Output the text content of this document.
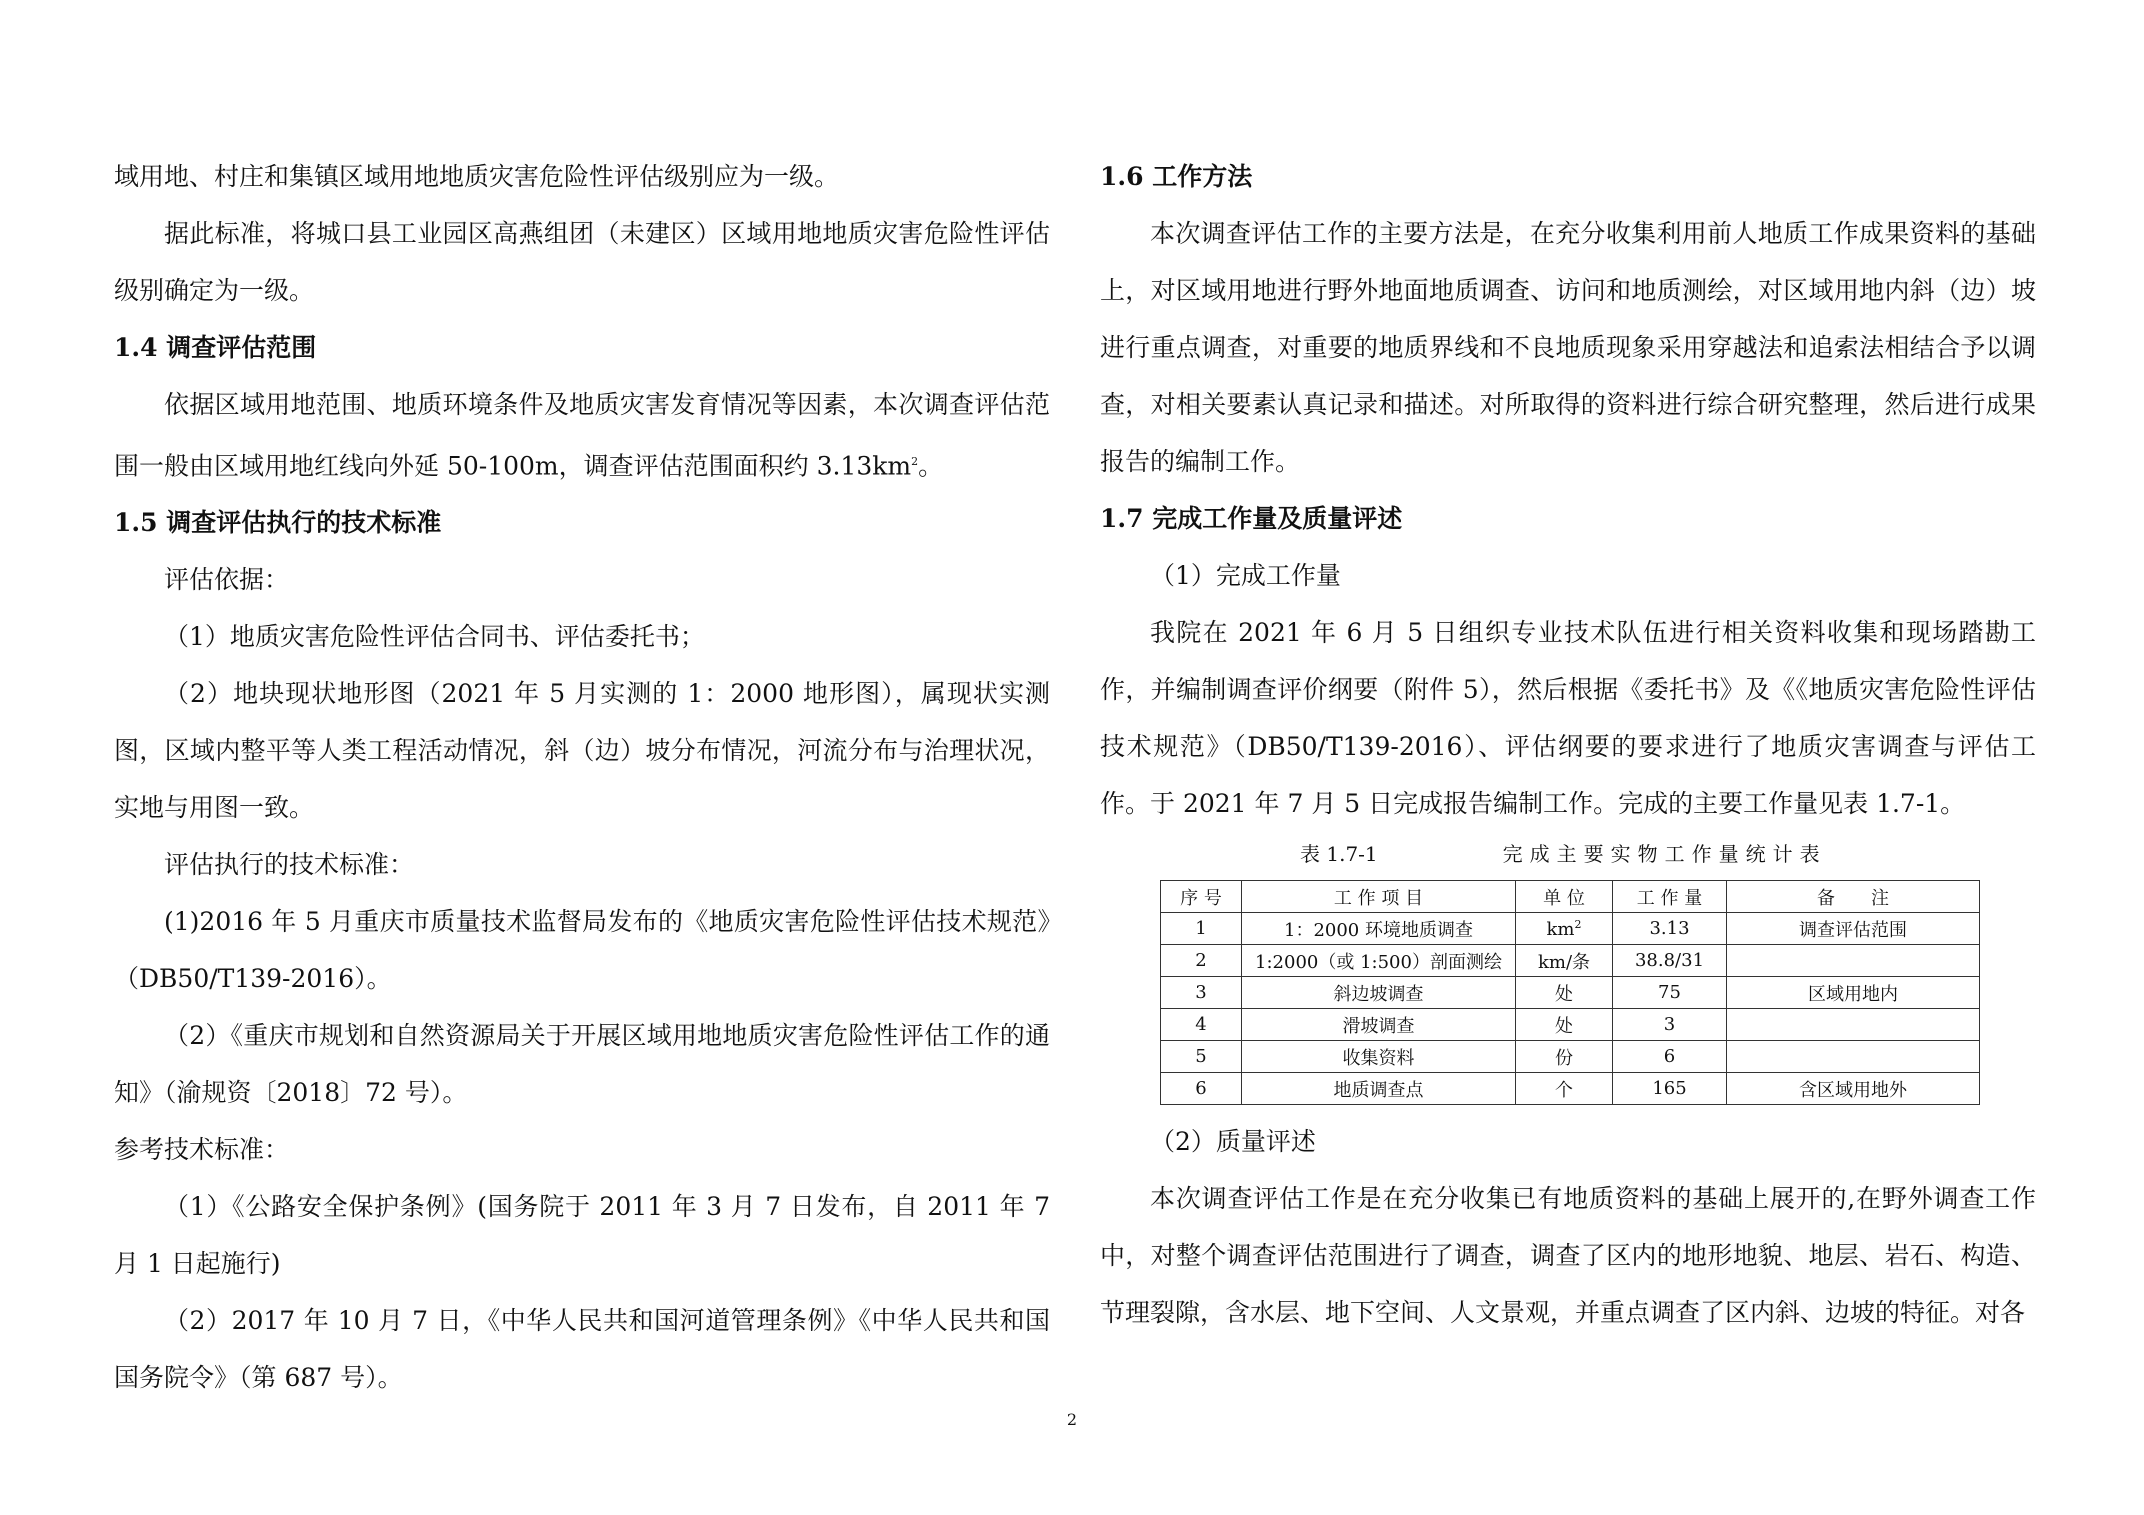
域用地、村庄和集镇区域用地地质灾害危险性评估级别应为一级。

据此标准，将城口县工业园区高燕组团（未建区）区域用地地质灾害危险性评估级别确定为一级。

1.4 调查评估范围

依据区域用地范围、地质环境条件及地质灾害发育情况等因素，本次调查评估范围一般由区域用地红线向外延 50-100m，调查评估范围面积约 $3.13km^2$。

1.5 调查评估执行的技术标准

评估依据：

（1）地质灾害危险性评估合同书、评估委托书；

（2）地块现状地形图（2021 年 5 月实测的 1：2000 地形图），属现状实测图，区域内整平等人类工程活动情况，斜（边）坡分布情况，河流分布与治理状况，实地与用图一致。

评估执行的技术标准：

(1)2016 年 5 月重庆市质量技术监督局发布的《地质灾害危险性评估技术规范》（DB50/T139-2016）。

（2）《重庆市规划和自然资源局关于开展区域用地地质灾害危险性评估工作的通知》（渝规资〔2018〕72 号）。

参考技术标准：

（1）《公路安全保护条例》(国务院于 2011 年 3 月 7 日发布，自 2011 年 7 月 1 日起施行)

（2）2017 年 10 月 7 日，《中华人民共和国河道管理条例》《中华人民共和国国务院令》（第 687 号）。

1.6 工作方法

本次调查评估工作的主要方法是，在充分收集利用前人地质工作成果资料的基础上，对区域用地进行野外地面地质调查、访问和地质测绘，对区域用地内斜（边）坡进行重点调查，对重要的地质界线和不良地质现象采用穿越法和追索法相结合予以调查，对相关要素认真记录和描述。对所取得的资料进行综合研究整理，然后进行成果报告的编制工作。

1.7 完成工作量及质量评述

（1）完成工作量

我院在 2021 年 6 月 5 日组织专业技术队伍进行相关资料收集和现场踏勘工作，并编制调查评价纲要（附件 5），然后根据《委托书》及《《地质灾害危险性评估技术规范》（DB50/T139-2016）、评估纲要的要求进行了地质灾害调查与评估工作。于 2021 年 7 月 5 日完成报告编制工作。完成的主要工作量见表 1.7-1。

表 1.7-1	完成主要实物工作量统计表
序 号	工 作 项 目	单 位	工 作 量	备　　注
1	1：2000 环境地质调查	$km^2$	3.13	调查评估范围
2	1:2000（或 1:500）剖面测绘	km/条	38.8/31	
3	斜边坡调查	处	75	区域用地内
4	滑坡调查	处	3	
5	收集资料	份	6	
6	地质调查点	个	165	含区域用地外

（2）质量评述

本次调查评估工作是在充分收集已有地质资料的基础上展开的,在野外调查工作中，对整个调查评估范围进行了调查，调查了区内的地形地貌、地层、岩石、构造、节理裂隙，含水层、地下空间、人文景观，并重点调查了区内斜、边坡的特征。对各

2
